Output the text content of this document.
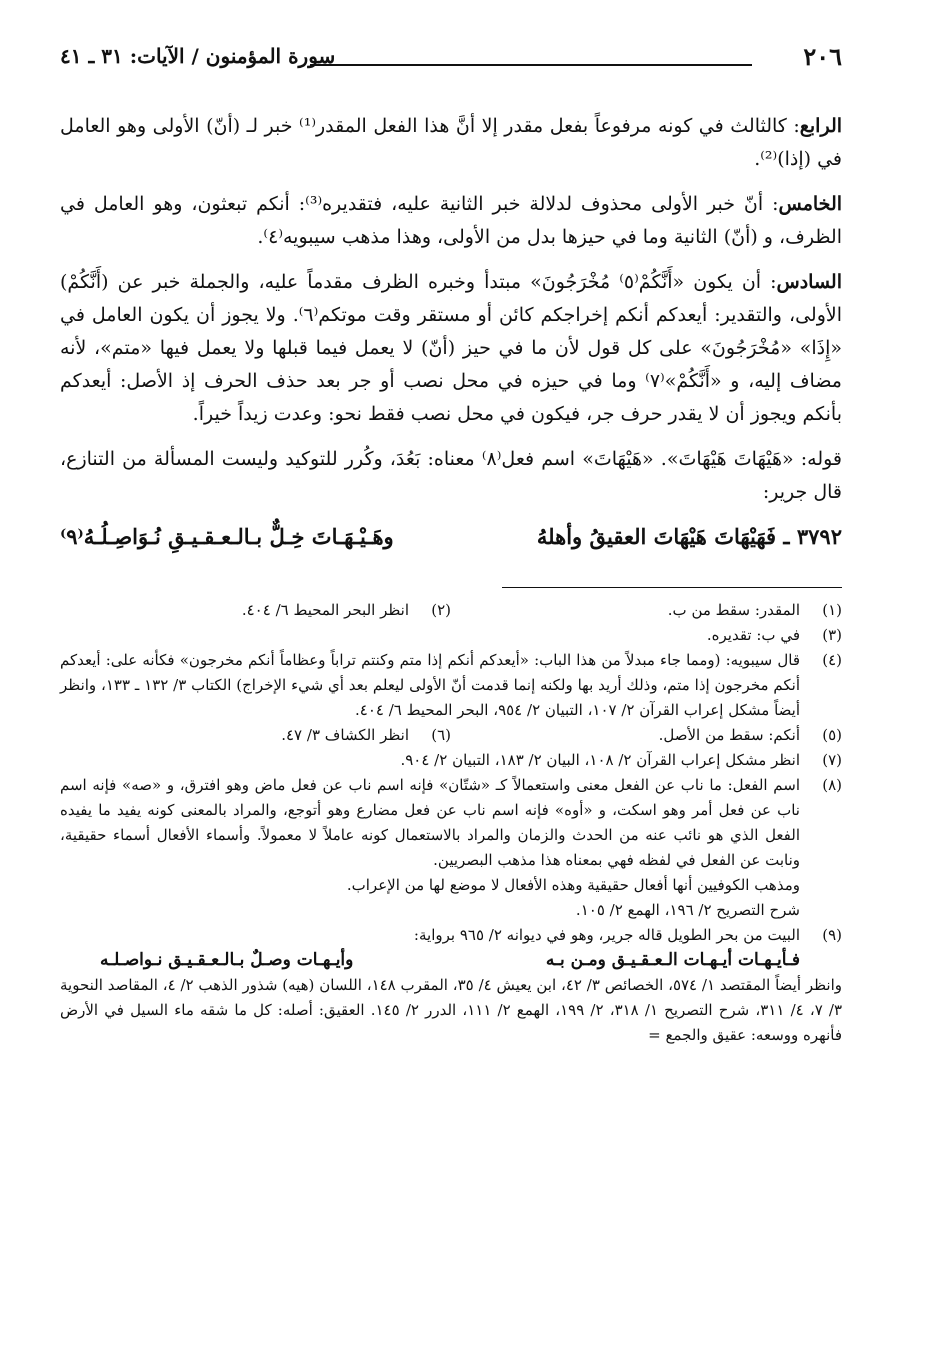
٢٠٦
سورة المؤمنون / الآيات: ٣١ ـ ٤١

الرابع: كالثالث في كونه مرفوعاً بفعل مقدر إلا أنَّ هذا الفعل المقدر⁽¹⁾ خبر لـ (أنّ) الأولى وهو العامل في (إذا)⁽²⁾.

الخامس: أنّ خبر الأولى محذوف لدلالة خبر الثانية عليه، فتقديره⁽³⁾: أنكم تبعثون، وهو العامل في الظرف، و (أنّ) الثانية وما في حيزها بدل من الأولى، وهذا مذهب سيبويه⁽٤⁾.

السادس: أن يكون «أَنَّكُمْ⁽٥⁾ مُخْرَجُونَ» مبتدأ وخبره الظرف مقدماً عليه، والجملة خبر عن (أَنَّكُمْ) الأولى، والتقدير: أيعدكم أنكم إخراجكم كائن أو مستقر وقت موتكم⁽٦⁾. ولا يجوز أن يكون العامل في «إِذَا» «مُخْرَجُونَ» على كل قول لأن ما في حيز (أنّ) لا يعمل فيما قبلها ولا يعمل فيها «متم»، لأنه مضاف إليه، و «أَنَّكُمْ»⁽٧⁾ وما في حيزه في محل نصب أو جر بعد حذف الحرف إذ الأصل: أيعدكم بأنكم ويجوز أن لا يقدر حرف جر، فيكون في محل نصب فقط نحو: وعدت زيداً خيراً.

قوله: «هَيْهَاتَ هَيْهَاتَ». «هَيْهَاتَ» اسم فعل⁽٨⁾ معناه: بَعُدَ، وكُرر للتوكيد وليست المسألة من التنازع، قال جرير:

٣٧٩٢ ـ فَهَيْهَاتَ هَيْهَاتَ العقيقُ وأهلهُ
وهَـيْـهَـاتَ خِـلٌّ بـالـعـقـيـقِ نُـوَاصِـلُـهُ⁽٩⁾
(١)
المقدر: سقط من ب.
(٢)
انظر البحر المحيط ٦/ ٤٠٤.
(٣)
في ب: تقديره.
(٤)
قال سيبويه: (ومما جاء مبدلاً من هذا الباب: «أيعدكم أنكم إذا متم وكنتم تراباً وعظاماً أنكم مخرجون» فكأنه على: أيعدكم أنكم مخرجون إذا متم، وذلك أريد بها ولكنه إنما قدمت أنّ الأولى ليعلم بعد أي شيء الإخراج) الكتاب ٣/ ١٣٢ ـ ١٣٣، وانظر أيضاً مشكل إعراب القرآن ٢/ ١٠٧، التبيان ٢/ ٩٥٤، البحر المحيط ٦/ ٤٠٤.
(٥)
أنكم: سقط من الأصل.
(٦)
انظر الكشاف ٣/ ٤٧.
(٧)
انظر مشكل إعراب القرآن ٢/ ١٠٨، البيان ٢/ ١٨٣، التبيان ٢/ ٩٠٤.
(٨)
اسم الفعل: ما ناب عن الفعل معنى واستعمالاً كـ «شتّان» فإنه اسم ناب عن فعل ماض وهو افترق، و «صه» فإنه اسم ناب عن فعل أمر وهو اسكت، و «أوه» فإنه اسم ناب عن فعل مضارع وهو أتوجع، والمراد بالمعنى كونه يفيد ما يفيده الفعل الذي هو نائب عنه من الحدث والزمان والمراد بالاستعمال كونه عاملاً لا معمولاً. وأسماء الأفعال أسماء حقيقية، ونابت عن الفعل في لفظه فهي بمعناه هذا مذهب البصريين.
ومذهب الكوفيين أنها أفعال حقيقية وهذه الأفعال لا موضع لها من الإعراب.
شرح التصريح ٢/ ١٩٦، الهمع ٢/ ١٠٥.
(٩)
البيت من بحر الطويل قاله جرير، وهو في ديوانه ٢/ ٩٦٥ برواية:
فـأيـهـات أيـهـات الـعـقـيـق ومـن بـه
وأيـهـات وصـلٌ بـالـعـقـيـق نـواصـلـه
وانظر أيضاً المقتصد ١/ ٥٧٤، الخصائص ٣/ ٤٢، ابن يعيش ٤/ ٣٥، المقرب ١٤٨، اللسان (هيه) شذور الذهب ٢/ ٤، المقاصد النحوية ٣/ ٧، ٤/ ٣١١، شرح التصريح ١/ ٣١٨، ٢/ ١٩٩، الهمع ٢/ ١١١، الدرر ٢/ ١٤٥. العقيق: أصله: كل ما شقه ماء السيل في الأرض فأنهره ووسعه: عقيق والجمع =
